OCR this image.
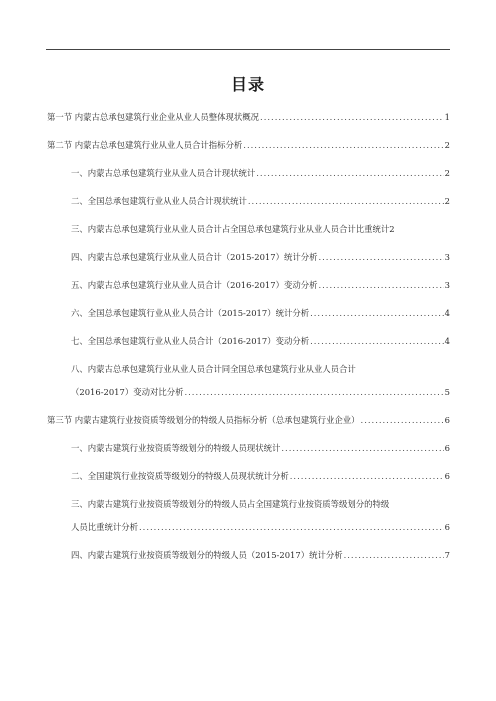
目录
第一节 内蒙古总承包建筑行业企业从业人员整体现状概况 .....	1
第二节 内蒙古总承包建筑行业从业人员合计指标分析 .....	2
一、内蒙古总承包建筑行业从业人员合计现状统计 .....	2
二、全国总承包建筑行业从业人员合计现状统计 .....	2
三、内蒙古总承包建筑行业从业人员合计占全国总承包建筑行业从业人员合计比重统计 2
四、内蒙古总承包建筑行业从业人员合计（2015-2017）统计分析 .....	3
五、内蒙古总承包建筑行业从业人员合计（2016-2017）变动分析 .....	3
六、全国总承包建筑行业从业人员合计（2015-2017）统计分析 .....	4
七、全国总承包建筑行业从业人员合计（2016-2017）变动分析 .....	4
八、内蒙古总承包建筑行业从业人员合计同全国总承包建筑行业从业人员合计
（2016-2017）变动对比分析 .....	5
第三节 内蒙古建筑行业按资质等级划分的特级人员指标分析（总承包建筑行业企业） .....	6
一、内蒙古建筑行业按资质等级划分的特级人员现状统计 .....	6
二、全国建筑行业按资质等级划分的特级人员现状统计分析 .....	6
三、内蒙古建筑行业按资质等级划分的特级人员占全国建筑行业按资质等级划分的特级
人员比重统计分析 .....	6
四、内蒙古建筑行业按资质等级划分的特级人员（2015-2017）统计分析 .....	7
